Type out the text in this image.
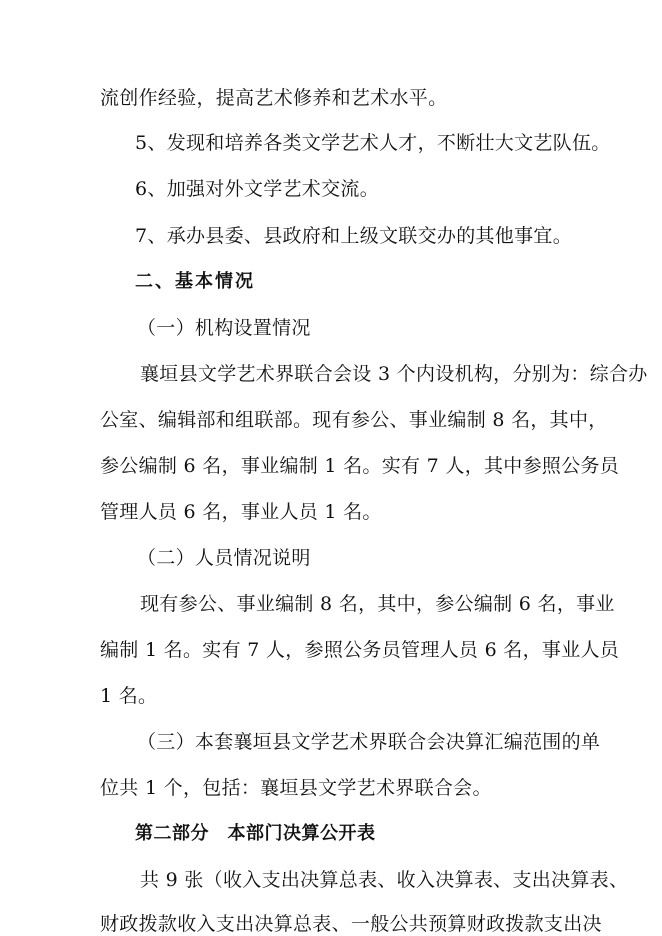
流创作经验，提高艺术修养和艺术水平。
5、发现和培养各类文学艺术人才，不断壮大文艺队伍。
6、加强对外文学艺术交流。
7、承办县委、县政府和上级文联交办的其他事宜。
二、基本情况
（一）机构设置情况
襄垣县文学艺术界联合会设 3 个内设机构，分别为：综合办
公室、编辑部和组联部。现有参公、事业编制 8 名，其中，
参公编制 6 名，事业编制 1 名。实有 7 人，其中参照公务员
管理人员 6 名，事业人员 1 名。
（二）人员情况说明
现有参公、事业编制 8 名，其中，参公编制 6 名，事业
编制 1 名。实有 7 人，参照公务员管理人员 6 名，事业人员
1 名。
（三）本套襄垣县文学艺术界联合会决算汇编范围的单
位共 1 个，包括：襄垣县文学艺术界联合会。
第二部分　本部门决算公开表
共 9 张（收入支出决算总表、收入决算表、支出决算表、
财政拨款收入支出决算总表、一般公共预算财政拨款支出决
